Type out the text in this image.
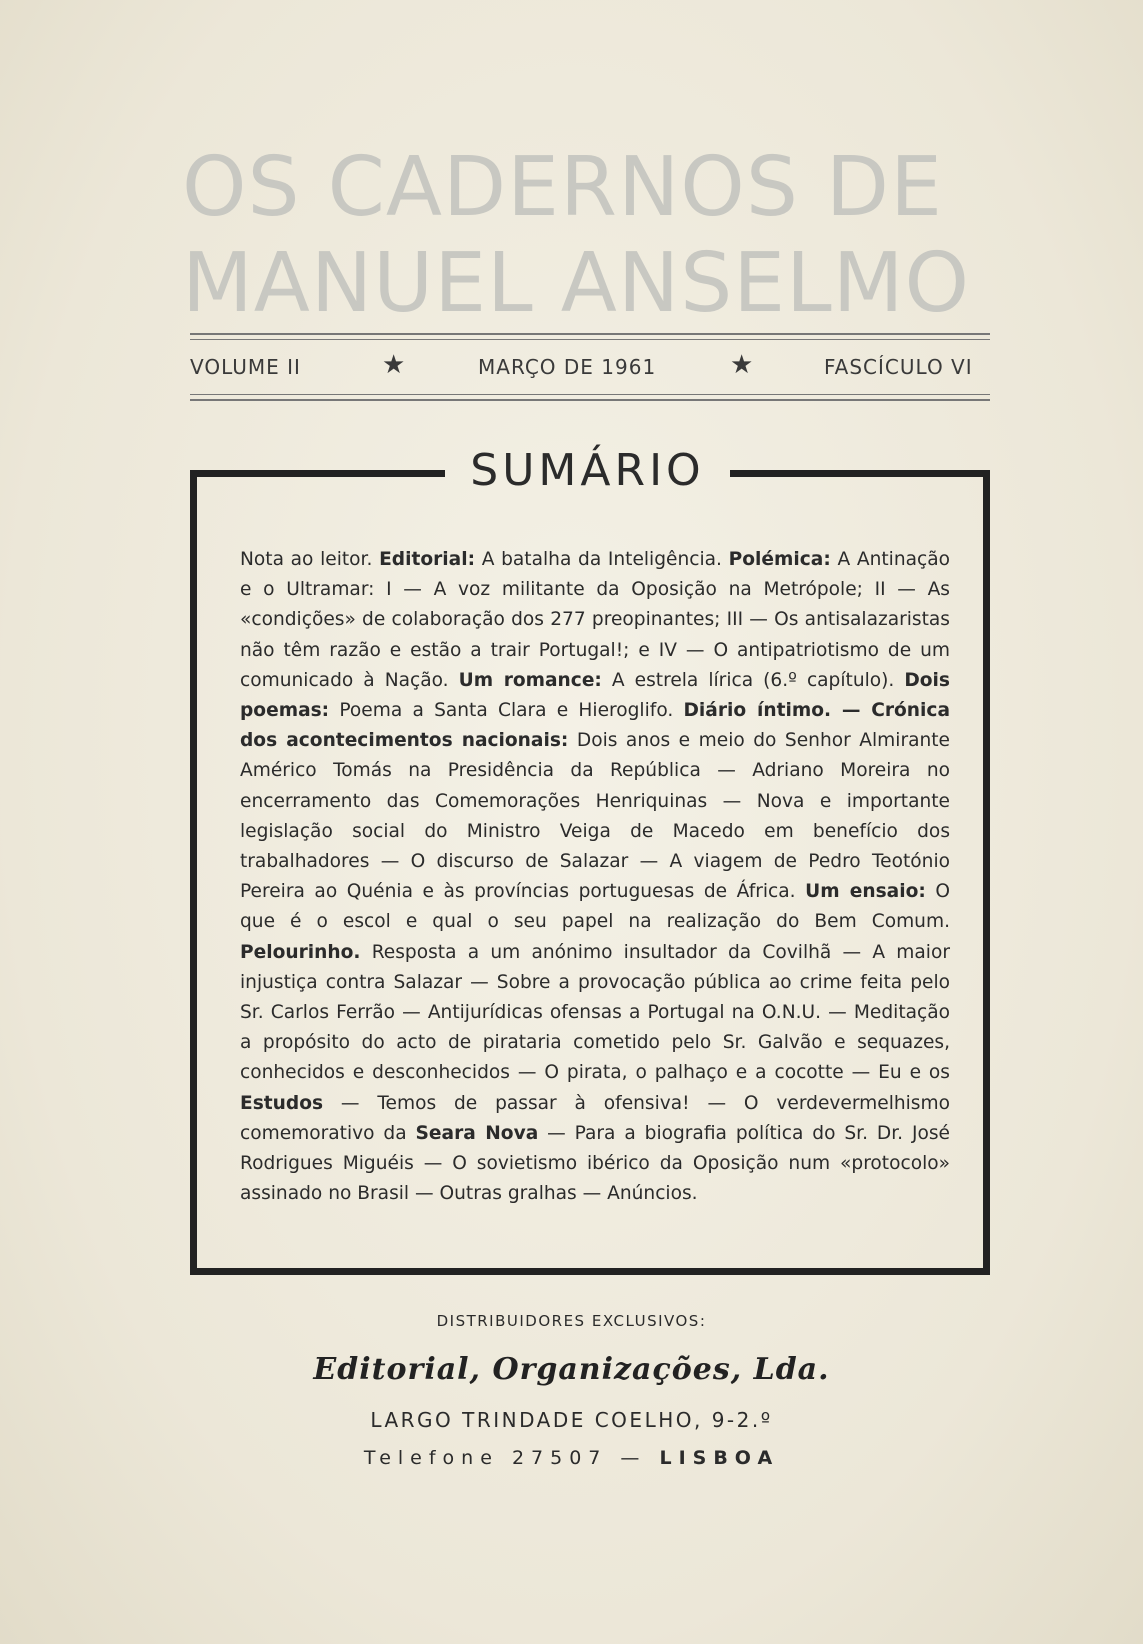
OS CADERNOS DE
MANUEL ANSELMO
VOLUME II	★	MARÇO DE 1961	★	FASCÍCULO VI
SUMÁRIO
Nota ao leitor. Editorial: A batalha da Inteligência. Polémica: A Antinação e o Ultramar: I — A voz militante da Oposição na Metrópole; II — As «condições» de colaboração dos 277 preopinantes; III — Os antisalazaristas não têm razão e estão a trair Portugal!; e IV — O antipatriotismo de um comunicado à Nação. Um romance: A estrela lírica (6.º capítulo). Dois poemas: Poema a Santa Clara e Hieroglifo. Diário íntimo. — Crónica dos acontecimentos nacionais: Dois anos e meio do Senhor Almirante Américo Tomás na Presidência da República — Adriano Moreira no encerramento das Comemorações Henriquinas — Nova e importante legislação social do Ministro Veiga de Macedo em benefício dos trabalhadores — O discurso de Salazar — A viagem de Pedro Teotónio Pereira ao Quénia e às províncias portuguesas de África. Um ensaio: O que é o escol e qual o seu papel na realização do Bem Comum. Pelourinho. Resposta a um anónimo insultador da Covilhã — A maior injustiça contra Salazar — Sobre a provocação pública ao crime feita pelo Sr. Carlos Ferrão — Antijurídicas ofensas a Portugal na O.N.U. — Meditação a propósito do acto de pirataria cometido pelo Sr. Galvão e sequazes, conhecidos e desconhecidos — O pirata, o palhaço e a cocotte — Eu e os Estudos — Temos de passar à ofensiva! — O verdevermelhismo comemorativo da Seara Nova — Para a biografia política do Sr. Dr. José Rodrigues Miguéis — O sovietismo ibérico da Oposição num «protocolo» assinado no Brasil — Outras gralhas — Anúncios.
DISTRIBUIDORES EXCLUSIVOS:
Editorial, Organizações, Lda.
LARGO TRINDADE COELHO, 9-2.º
Telefone 27507 — LISBOA
